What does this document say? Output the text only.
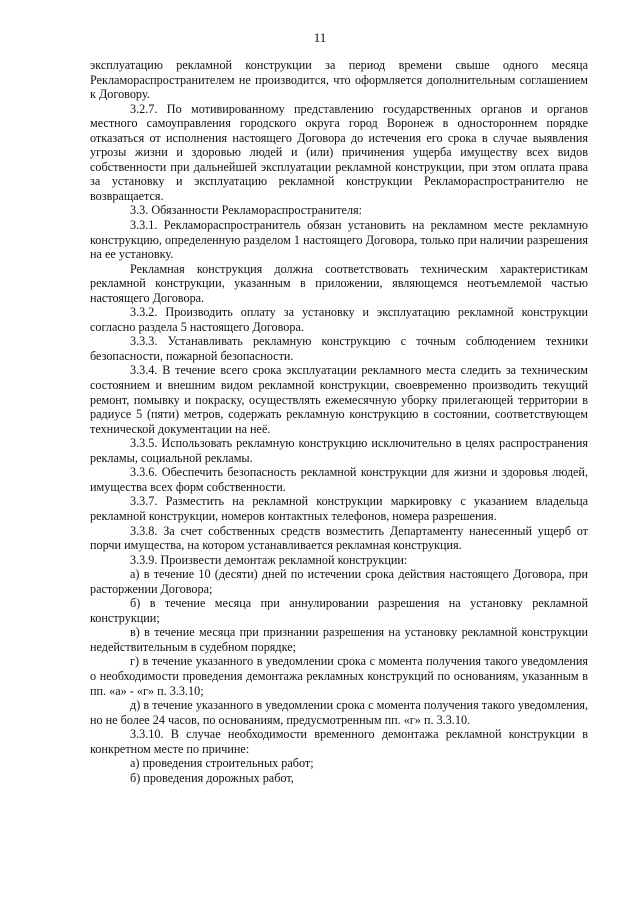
11

эксплуатацию рекламной конструкции за период времени свыше одного месяца Рекламораспространителем не производится, что оформляется дополнительным соглашением к Договору.

3.2.7. По мотивированному представлению государственных органов и органов местного самоуправления городского округа город Воронеж в одностороннем порядке отказаться от исполнения настоящего Договора до истечения его срока в случае выявления угрозы жизни и здоровью людей и (или) причинения ущерба имуществу всех видов собственности при дальнейшей эксплуатации рекламной конструкции, при этом оплата права за установку и эксплуатацию рекламной конструкции Рекламораспространителю не возвращается.

3.3. Обязанности Рекламораспространителя:

3.3.1. Рекламораспространитель обязан установить на рекламном месте рекламную конструкцию, определенную разделом 1 настоящего Договора, только при наличии разрешения на ее установку.

Рекламная конструкция должна соответствовать техническим характеристикам рекламной конструкции, указанным в приложении, являющемся неотъемлемой частью настоящего Договора.

3.3.2. Производить оплату за установку и эксплуатацию рекламной конструкции согласно раздела 5 настоящего Договора.

3.3.3. Устанавливать рекламную конструкцию с точным соблюдением техники безопасности, пожарной безопасности.

3.3.4. В течение всего срока эксплуатации рекламного места следить за техническим состоянием и внешним видом рекламной конструкции, своевременно производить текущий ремонт, помывку и покраску, осуществлять ежемесячную уборку прилегающей территории в радиусе 5 (пяти) метров, содержать рекламную конструкцию в состоянии, соответствующем технической документации на неё.

3.3.5. Использовать рекламную конструкцию исключительно в целях распространения рекламы, социальной рекламы.

3.3.6. Обеспечить безопасность рекламной конструкции для жизни и здоровья людей, имущества всех форм собственности.

3.3.7. Разместить на рекламной конструкции маркировку с указанием владельца рекламной конструкции, номеров контактных телефонов, номера разрешения.

3.3.8. За счет собственных средств возместить Департаменту нанесенный ущерб от порчи имущества, на котором устанавливается рекламная конструкция.

3.3.9. Произвести демонтаж рекламной конструкции:

а) в течение 10 (десяти) дней по истечении срока действия настоящего Договора, при расторжении Договора;

б) в течение месяца при аннулировании разрешения на установку рекламной конструкции;

в) в течение месяца при признании разрешения на установку рекламной конструкции недействительным в судебном порядке;

г) в течение указанного в уведомлении срока с момента получения такого уведомления о необходимости проведения демонтажа рекламных конструкций по основаниям, указанным в пп. «а» - «г» п. 3.3.10;

д) в течение указанного в уведомлении срока с момента получения такого уведомления, но не более 24 часов, по основаниям, предусмотренным пп. «г» п. 3.3.10.

3.3.10. В случае необходимости временного демонтажа рекламной конструкции в конкретном месте по причине:

а) проведения строительных работ;

б) проведения дорожных работ,
